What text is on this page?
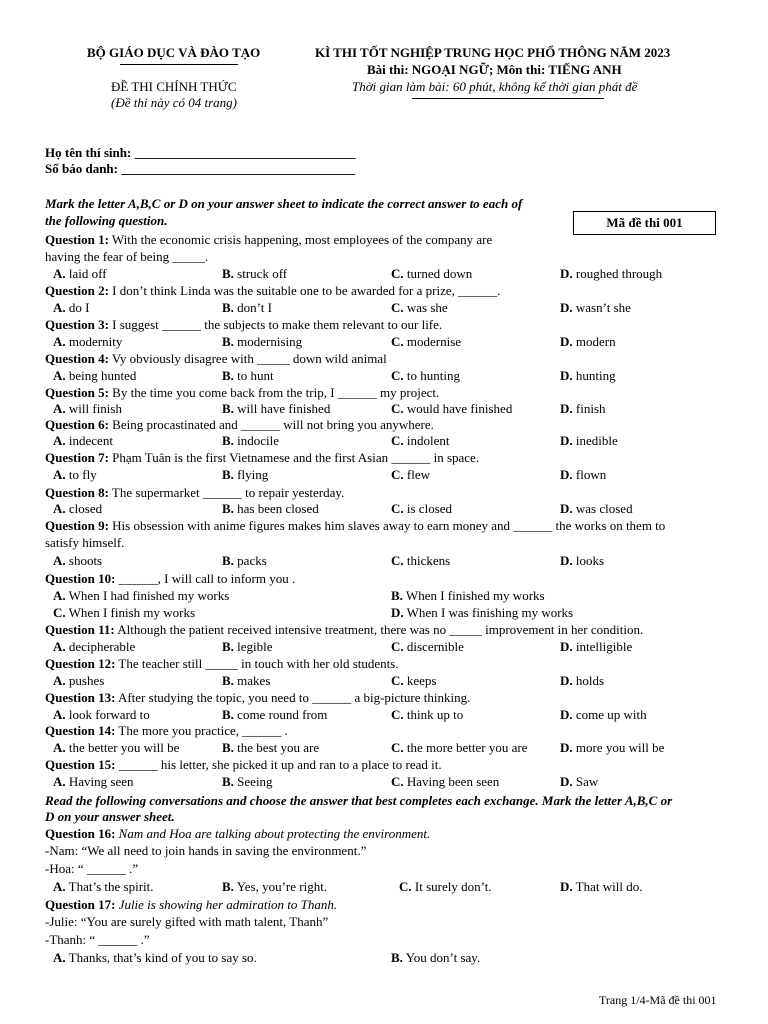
BỘ GIÁO DỤC VÀ ĐÀO TẠO
ĐỀ THI CHÍNH THỨC
(Đề thi này có 04 trang)
KÌ THI TỐT NGHIỆP TRUNG HỌC PHỔ THÔNG NĂM 2023
Bài thi: NGOẠI NGỮ; Môn thi: TIẾNG ANH
Thời gian làm bài: 60 phút, không kể thời gian phát đề
Họ tên thí sinh: __________________________________
Số báo danh: ____________________________________
Mark the letter A,B,C or D on your answer sheet to indicate the correct answer to each of
the following question.	Mã đề thi 001
Question 1: With the economic crisis happening, most employees of the company are
having the fear of being _____.
A. laid off	B. struck off	C. turned down	D. roughed through
Question 2: I don’t think Linda was the suitable one to be awarded for a prize, ______.
A. do I	B. don’t I	C. was she	D. wasn’t she
Question 3: I suggest ______ the subjects to make them relevant to our life.
A. modernity	B. modernising	C. modernise	D. modern
Question 4: Vy obviously disagree with _____ down wild animal
A. being hunted	B. to hunt	C. to hunting	D. hunting
Question 5: By the time you come back from the trip, I ______ my project.
A. will finish	B. will have finished	C. would have finished	D. finish
Question 6: Being procastinated and ______ will not bring you anywhere.
A. indecent	B. indocile	C. indolent	D. inedible
Question 7: Phạm Tuân is the first Vietnamese and the first Asian ______ in space.
A. to fly	B. flying	C. flew	D. flown
Question 8: The supermarket ______ to repair yesterday.
A. closed	B. has been closed	C. is closed	D. was closed
Question 9: His obsession with anime figures makes him slaves away to earn money and ______ the works on them to
satisfy himself.
A. shoots	B. packs	C. thickens	D. looks
Question 10: ______, I will call to inform you .
A. When I had finished my works	B. When I finished my works
C. When I finish my works	D. When I was finishing my works
Question 11: Although the patient received intensive treatment, there was no _____ improvement in her condition.
A. decipherable	B. legible	C. discernible	D. intelligible
Question 12: The teacher still _____ in touch with her old students.
A. pushes	B. makes	C. keeps	D. holds
Question 13: After studying the topic, you need to ______ a big-picture thinking.
A. look forward to	B. come round from	C. think up to	D. come up with
Question 14: The more you practice, ______ .
A. the better you will be	B. the best you are	C. the more better you are	D. more you will be
Question 15: ______ his letter, she picked it up and ran to a place to read it.
A. Having seen	B. Seeing	C. Having been seen	D. Saw
Read the following conversations and choose the answer that best completes each exchange. Mark the letter A,B,C or
D on your answer sheet.
Question 16: Nam and Hoa are talking about protecting the environment.
-Nam: “We all need to join hands in saving the environment.”
-Hoa: “ ______ .”
A. That’s the spirit.	B. Yes, you’re right.	C. It surely don’t.	D. That will do.
Question 17: Julie is showing her admiration to Thanh.
-Julie: “You are surely gifted with math talent, Thanh”
-Thanh: “ ______ .”
A. Thanks, that’s kind of you to say so.	B. You don’t say.
Trang 1/4-Mã đề thi 001
